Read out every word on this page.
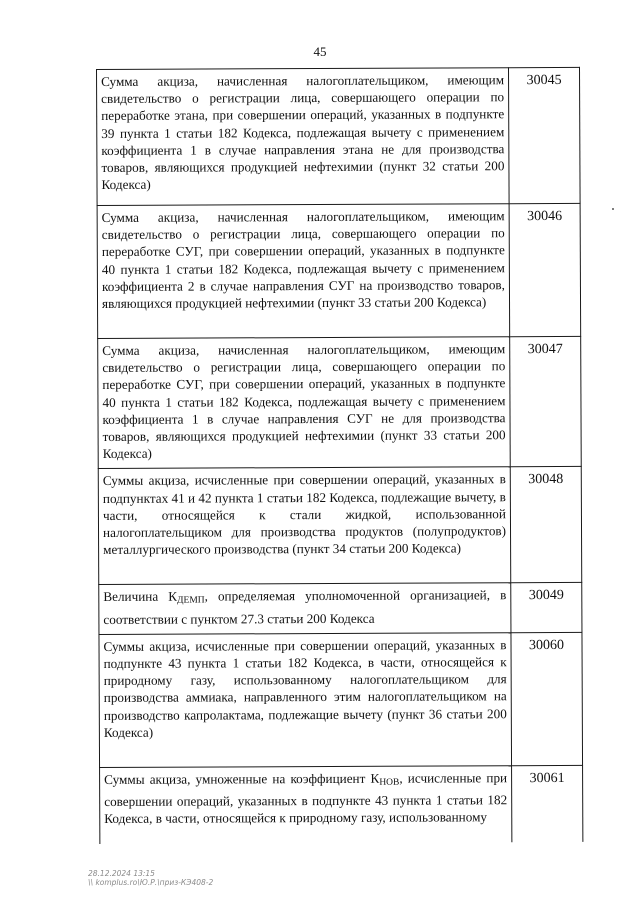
45
Сумма акциза, начисленная налогоплательщиком, имеющим свидетельство о регистрации лица, совершающего операции по переработке этана, при совершении операций, указанных в подпункте 39 пункта 1 статьи 182 Кодекса, подлежащая вычету с применением коэффициента 1 в случае направления этана не для производства товаров, являющихся продукцией нефтехимии (пункт 32 статьи 200 Кодекса)	30045
Сумма акциза, начисленная налогоплательщиком, имеющим свидетельство о регистрации лица, совершающего операции по переработке СУГ, при совершении операций, указанных в подпункте 40 пункта 1 статьи 182 Кодекса, подлежащая вычету с применением коэффициента 2 в случае направления СУГ на производство товаров, являющихся продукцией нефтехимии (пункт 33 статьи 200 Кодекса)	30046
Сумма акциза, начисленная налогоплательщиком, имеющим свидетельство о регистрации лица, совершающего операции по переработке СУГ, при совершении операций, указанных в подпункте 40 пункта 1 статьи 182 Кодекса, подлежащая вычету с применением коэффициента 1 в случае направления СУГ не для производства товаров, являющихся продукцией нефтехимии (пункт 33 статьи 200 Кодекса)	30047
Суммы акциза, исчисленные при совершении операций, указанных в подпунктах 41 и 42 пункта 1 статьи 182 Кодекса, подлежащие вычету, в части, относящейся к стали жидкой, использованной налогоплательщиком для производства продуктов (полупродуктов) металлургического производства (пункт 34 статьи 200 Кодекса)	30048
Величина $К_{ДЕМП}$, определяемая уполномоченной организацией, в соответствии с пунктом 27.3 статьи 200 Кодекса	30049
Суммы акциза, исчисленные при совершении операций, указанных в подпункте 43 пункта 1 статьи 182 Кодекса, в части, относящейся к природному газу, использованному налогоплательщиком для производства аммиака, направленного этим налогоплательщиком на производство капролактама, подлежащие вычету (пункт 36 статьи 200 Кодекса)	30060
Суммы акциза, умноженные на коэффициент $К_{НОВ}$, исчисленные при совершении операций, указанных в подпункте 43 пункта 1 статьи 182 Кодекса, в части, относящейся к природному газу, использованному	30061
28.12.2024 13:15
\\ komplus.ro\Ю.Р.\приз-КЭ408-2
